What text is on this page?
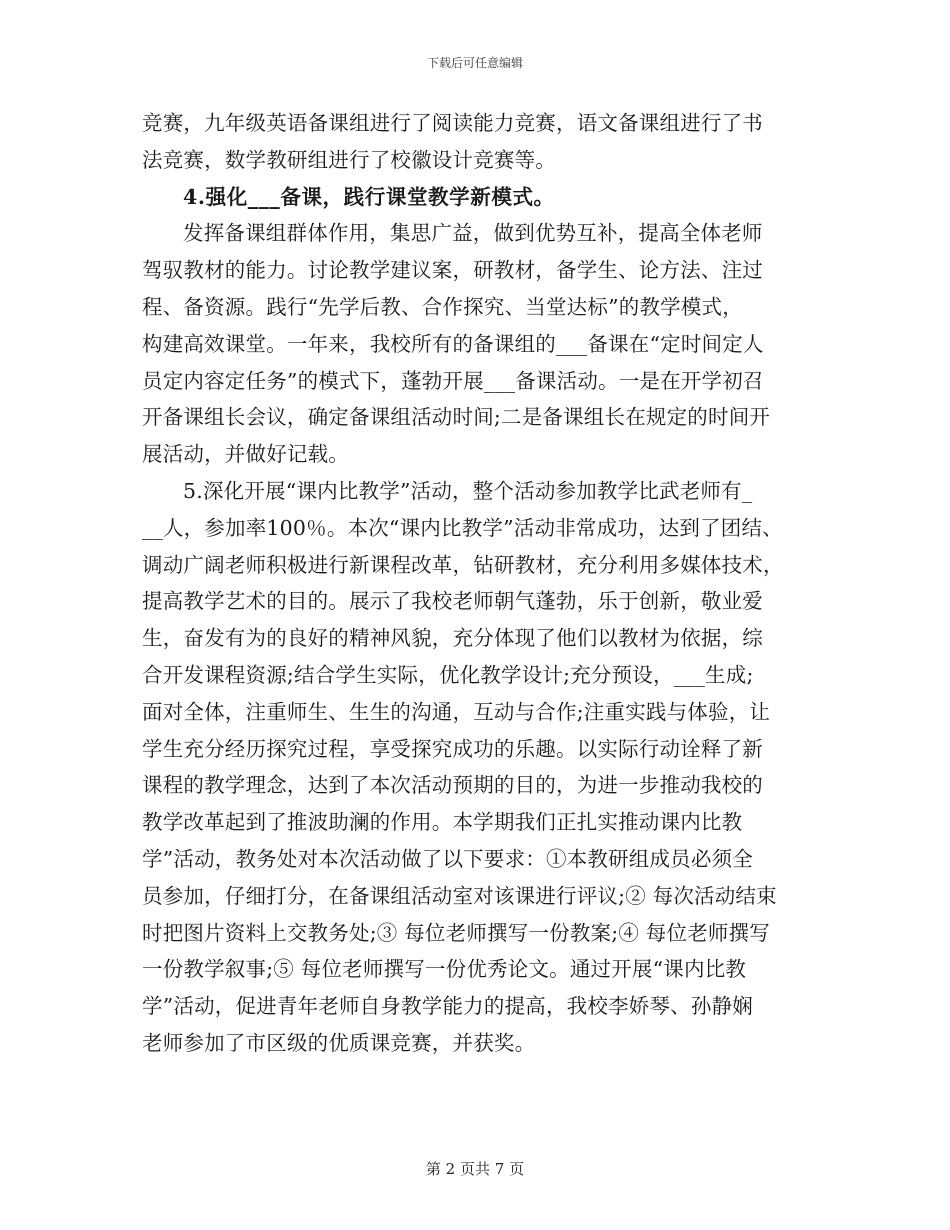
下载后可任意编辑
竞赛，九年级英语备课组进行了阅读能力竞赛，语文备课组进行了书
法竞赛，数学教研组进行了校徽设计竞赛等。
4.强化___备课，践行课堂教学新模式。
发挥备课组群体作用，集思广益，做到优势互补，提高全体老师
驾驭教材的能力。讨论教学建议案，研教材，备学生、论方法、注过
程、备资源。践行“先学后教、合作探究、当堂达标”的教学模式，
构建高效课堂。一年来，我校所有的备课组的___备课在“定时间定人
员定内容定任务”的模式下，蓬勃开展___备课活动。一是在开学初召
开备课组长会议，确定备课组活动时间;二是备课组长在规定的时间开
展活动，并做好记载。
5.深化开展“课内比教学”活动，整个活动参加教学比武老师有_
__人，参加率100％。本次“课内比教学”活动非常成功，达到了团结、
调动广阔老师积极进行新课程改革，钻研教材，充分利用多媒体技术，
提高教学艺术的目的。展示了我校老师朝气蓬勃，乐于创新，敬业爱
生，奋发有为的良好的精神风貌，充分体现了他们以教材为依据，综
合开发课程资源;结合学生实际，优化教学设计;充分预设，___生成;
面对全体，注重师生、生生的沟通，互动与合作;注重实践与体验，让
学生充分经历探究过程，享受探究成功的乐趣。以实际行动诠释了新
课程的教学理念，达到了本次活动预期的目的，为进一步推动我校的
教学改革起到了推波助澜的作用。本学期我们正扎实推动课内比教
学”活动，教务处对本次活动做了以下要求：①本教研组成员必须全
员参加，仔细打分，在备课组活动室对该课进行评议;② 每次活动结束
时把图片资料上交教务处;③ 每位老师撰写一份教案;④ 每位老师撰写
一份教学叙事;⑤ 每位老师撰写一份优秀论文。通过开展“课内比教
学”活动，促进青年老师自身教学能力的提高，我校李娇琴、孙静娴
老师参加了市区级的优质课竞赛，并获奖。
第 2 页共 7 页
